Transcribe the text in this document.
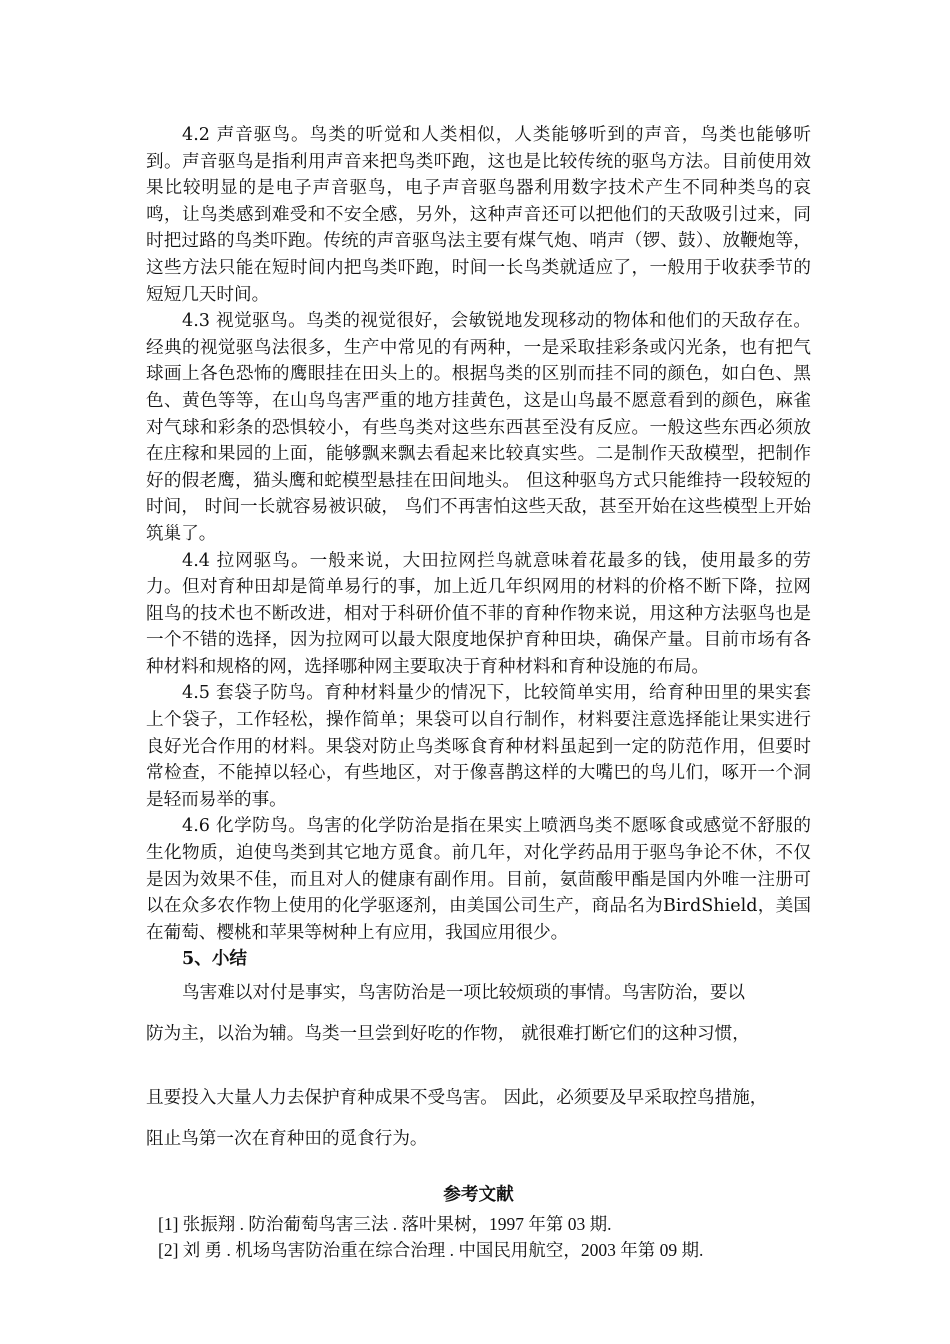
4.2 声音驱鸟。鸟类的听觉和人类相似，人类能够听到的声音，鸟类也能够听到。声音驱鸟是指利用声音来把鸟类吓跑，这也是比较传统的驱鸟方法。目前使用效果比较明显的是电子声音驱鸟，电子声音驱鸟器利用数字技术产生不同种类鸟的哀鸣，让鸟类感到难受和不安全感，另外，这种声音还可以把他们的天敌吸引过来，同时把过路的鸟类吓跑。传统的声音驱鸟法主要有煤气炮、哨声（锣、鼓）、放鞭炮等，这些方法只能在短时间内把鸟类吓跑，时间一长鸟类就适应了，一般用于收获季节的短短几天时间。

4.3 视觉驱鸟。鸟类的视觉很好，会敏锐地发现移动的物体和他们的天敌存在。经典的视觉驱鸟法很多，生产中常见的有两种，一是采取挂彩条或闪光条，也有把气球画上各色恐怖的鹰眼挂在田头上的。根据鸟类的区别而挂不同的颜色，如白色、黑色、黄色等等，在山鸟鸟害严重的地方挂黄色，这是山鸟最不愿意看到的颜色，麻雀对气球和彩条的恐惧较小，有些鸟类对这些东西甚至没有反应。一般这些东西必须放在庄稼和果园的上面，能够飘来飘去看起来比较真实些。二是制作天敌模型，把制作好的假老鹰，猫头鹰和蛇模型悬挂在田间地头。 但这种驱鸟方式只能维持一段较短的时间， 时间一长就容易被识破， 鸟们不再害怕这些天敌，甚至开始在这些模型上开始筑巢了。

4.4 拉网驱鸟。一般来说，大田拉网拦鸟就意味着花最多的钱，使用最多的劳力。但对育种田却是简单易行的事，加上近几年织网用的材料的价格不断下降，拉网阻鸟的技术也不断改进，相对于科研价值不菲的育种作物来说，用这种方法驱鸟也是一个不错的选择，因为拉网可以最大限度地保护育种田块，确保产量。目前市场有各种材料和规格的网，选择哪种网主要取决于育种材料和育种设施的布局。

4.5 套袋子防鸟。育种材料量少的情况下，比较简单实用，给育种田里的果实套上个袋子，工作轻松，操作简单；果袋可以自行制作，材料要注意选择能让果实进行良好光合作用的材料。果袋对防止鸟类啄食育种材料虽起到一定的防范作用，但要时常检查，不能掉以轻心，有些地区，对于像喜鹊这样的大嘴巴的鸟儿们，啄开一个洞是轻而易举的事。

4.6 化学防鸟。鸟害的化学防治是指在果实上喷洒鸟类不愿啄食或感觉不舒服的生化物质，迫使鸟类到其它地方觅食。前几年，对化学药品用于驱鸟争论不休，不仅是因为效果不佳，而且对人的健康有副作用。目前，氨茴酸甲酯是国内外唯一注册可以在众多农作物上使用的化学驱逐剂，由美国公司生产，商品名为BirdShield，美国在葡萄、樱桃和苹果等树种上有应用，我国应用很少。

5、小结

鸟害难以对付是事实，鸟害防治是一项比较烦琐的事情。鸟害防治，要以

防为主，以治为辅。鸟类一旦尝到好吃的作物， 就很难打断它们的这种习惯，

且要投入大量人力去保护育种成果不受鸟害。 因此，必须要及早采取控鸟措施，

阻止鸟第一次在育种田的觅食行为。

参考文献
[1] 张振翔 . 防治葡萄鸟害三法 . 落叶果树，1997 年第 03 期.
[2] 刘 勇 . 机场鸟害防治重在综合治理 . 中国民用航空，2003 年第 09 期.
